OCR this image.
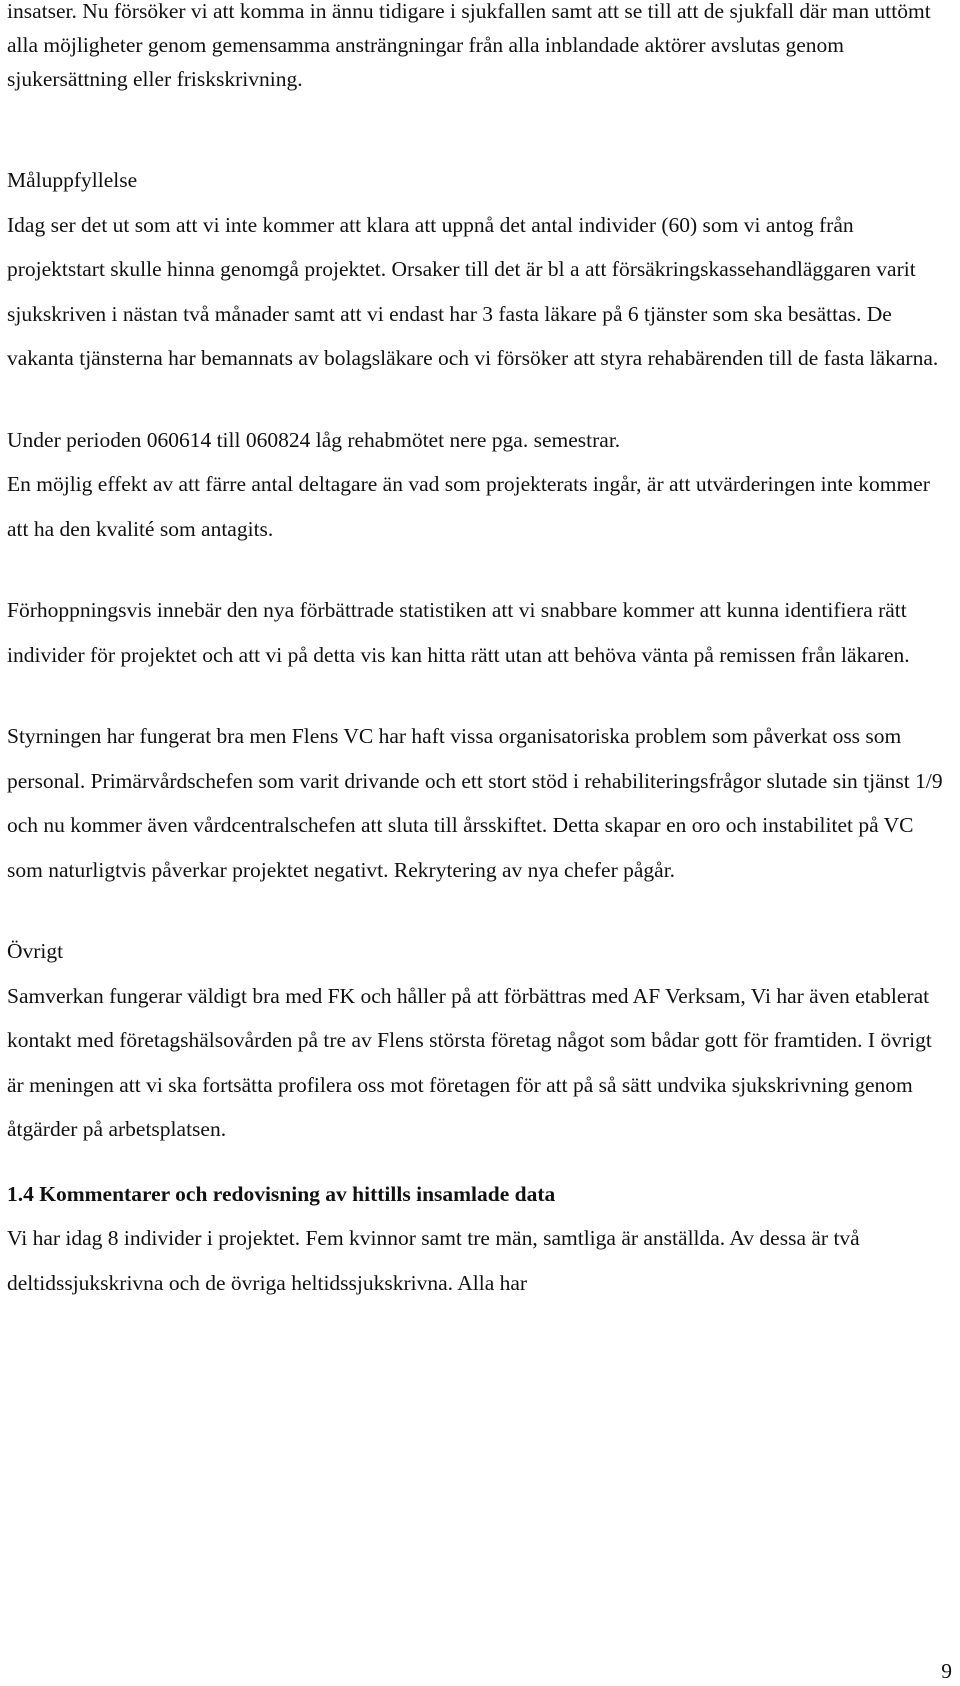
insatser. Nu försöker vi att komma in ännu tidigare i sjukfallen samt att se till att de sjukfall där man uttömt alla möjligheter genom gemensamma ansträngningar från alla inblandade aktörer avslutas genom sjukersättning eller friskskrivning.

Måluppfyllelse

Idag ser det ut som att vi inte kommer att klara att uppnå det antal individer (60) som vi antog från projektstart skulle hinna genomgå projektet. Orsaker till det är bl a att försäkringskassehandläggaren varit sjukskriven i nästan två månader samt att vi endast har 3 fasta läkare på 6 tjänster som ska besättas. De vakanta tjänsterna har bemannats av bolagsläkare och vi försöker att styra rehabärenden till de fasta läkarna.

Under perioden 060614 till 060824 låg rehabmötet nere pga. semestrar.

En möjlig effekt av att färre antal deltagare än vad som projekterats ingår, är att utvärderingen inte kommer att ha den kvalité som antagits.

Förhoppningsvis innebär den nya förbättrade statistiken att vi snabbare kommer att kunna identifiera rätt individer för projektet och att vi på detta vis kan hitta rätt utan att behöva vänta på remissen från läkaren.

Styrningen har fungerat bra men Flens VC har haft vissa organisatoriska problem som påverkat oss som personal. Primärvårdschefen som varit drivande och ett stort stöd i rehabiliteringsfrågor slutade sin tjänst 1/9 och nu kommer även vårdcentralschefen att sluta till årsskiftet. Detta skapar en oro och instabilitet på VC som naturligtvis påverkar projektet negativt. Rekrytering av nya chefer pågår.

Övrigt

Samverkan fungerar väldigt bra med FK och håller på att förbättras med AF Verksam, Vi har även etablerat kontakt med företagshälsovården på tre av Flens största företag något som bådar gott för framtiden. I övrigt är meningen att vi ska fortsätta profilera oss mot företagen för att på så sätt undvika sjukskrivning genom åtgärder på arbetsplatsen.

1.4 Kommentarer och redovisning av hittills insamlade data

Vi har idag 8 individer i projektet. Fem kvinnor samt tre män, samtliga är anställda. Av dessa är två deltidssjukskrivna och de övriga heltidssjukskrivna. Alla har

9
